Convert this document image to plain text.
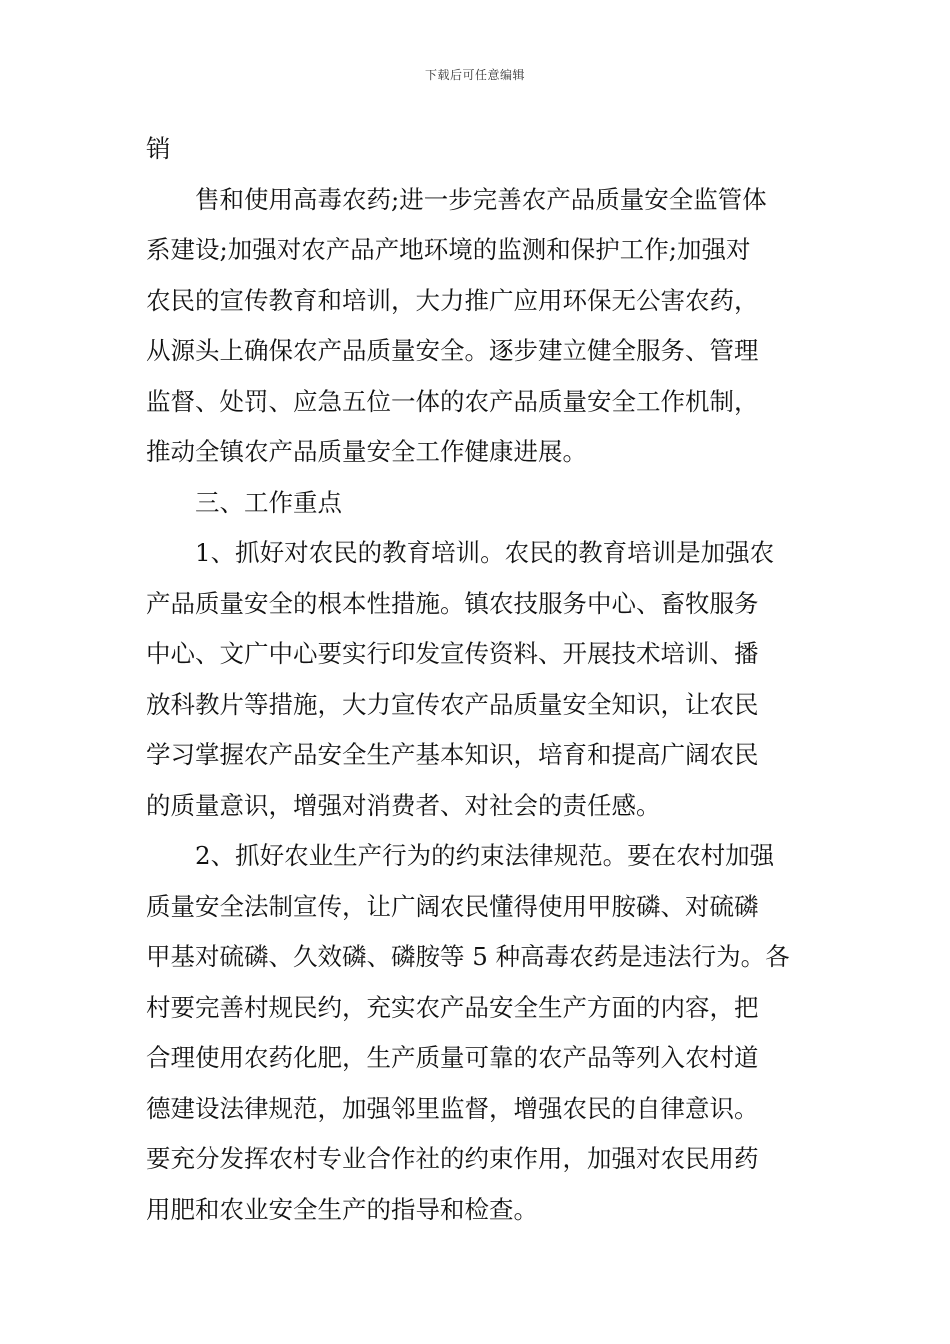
下载后可任意编辑
销
售和使用高毒农药;进一步完善农产品质量安全监管体
系建设;加强对农产品产地环境的监测和保护工作;加强对
农民的宣传教育和培训，大力推广应用环保无公害农药，
从源头上确保农产品质量安全。逐步建立健全服务、管理
监督、处罚、应急五位一体的农产品质量安全工作机制，
推动全镇农产品质量安全工作健康进展。
三、工作重点
1、抓好对农民的教育培训。农民的教育培训是加强农
产品质量安全的根本性措施。镇农技服务中心、畜牧服务
中心、文广中心要实行印发宣传资料、开展技术培训、播
放科教片等措施，大力宣传农产品质量安全知识，让农民
学习掌握农产品安全生产基本知识，培育和提高广阔农民
的质量意识，增强对消费者、对社会的责任感。
2、抓好农业生产行为的约束法律规范。要在农村加强
质量安全法制宣传，让广阔农民懂得使用甲胺磷、对硫磷
甲基对硫磷、久效磷、磷胺等 5 种高毒农药是违法行为。各
村要完善村规民约，充实农产品安全生产方面的内容，把
合理使用农药化肥，生产质量可靠的农产品等列入农村道
德建设法律规范，加强邻里监督，增强农民的自律意识。
要充分发挥农村专业合作社的约束作用，加强对农民用药
用肥和农业安全生产的指导和检查。
